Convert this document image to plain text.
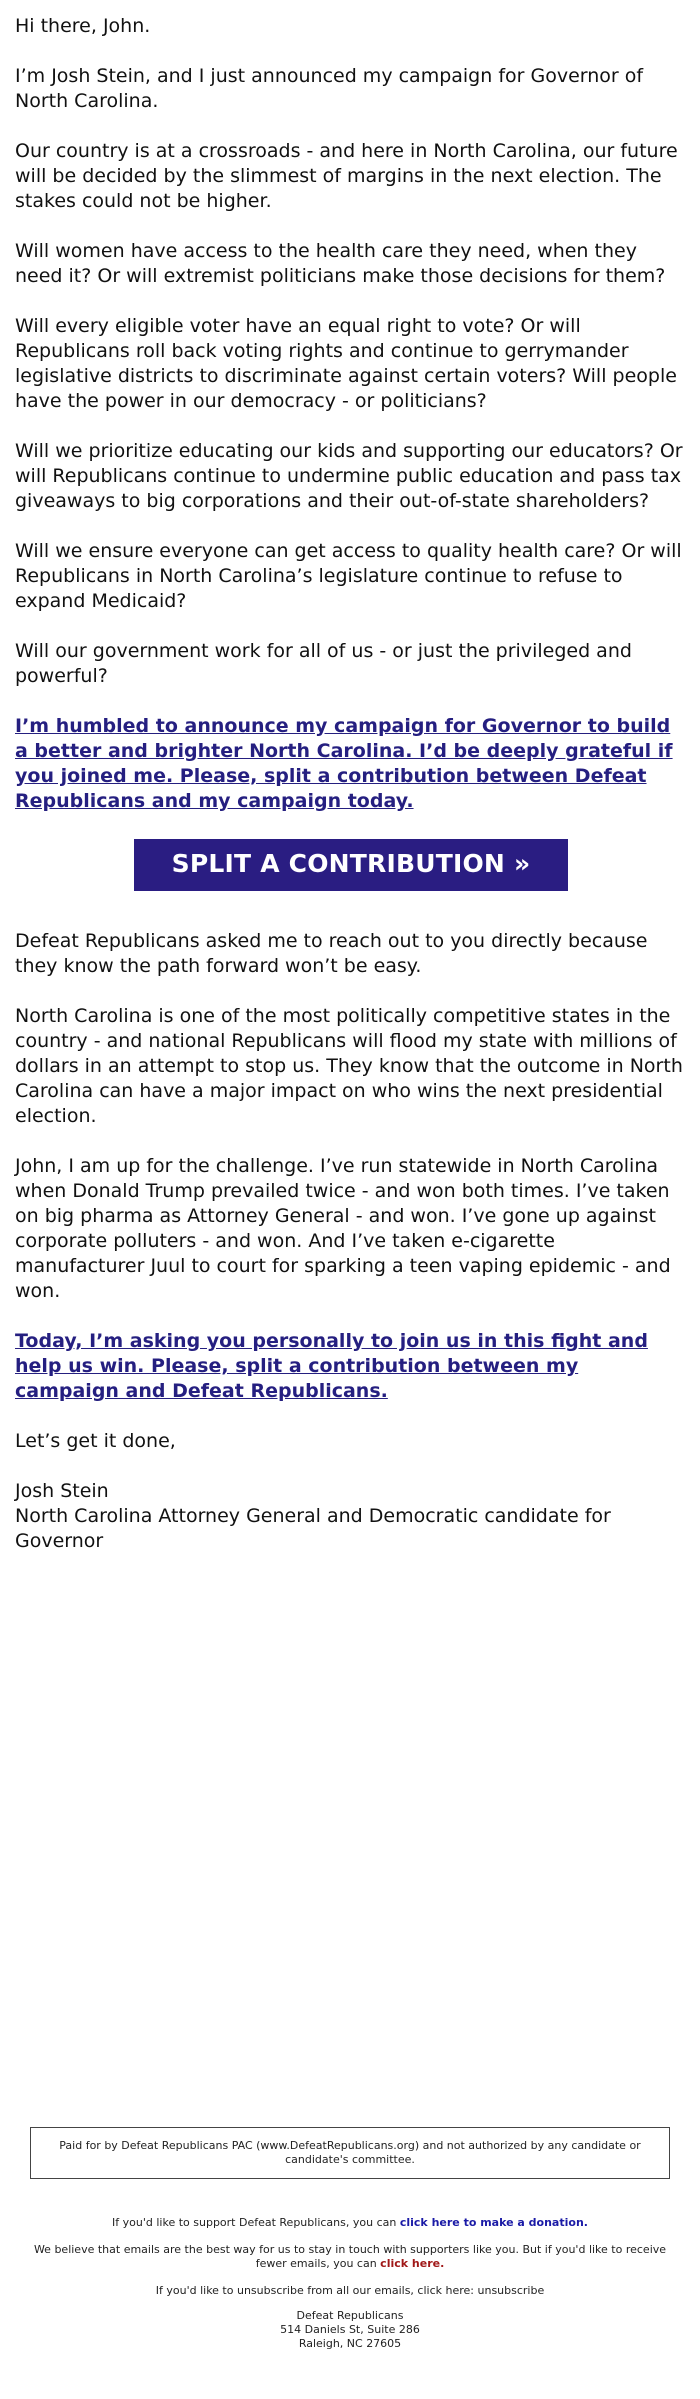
Hi there, John.

I’m Josh Stein, and I just announced my campaign for Governor of North Carolina.

Our country is at a crossroads - and here in North Carolina, our future will be decided by the slimmest of margins in the next election. The stakes could not be higher.

Will women have access to the health care they need, when they need it? Or will extremist politicians make those decisions for them?

Will every eligible voter have an equal right to vote? Or will Republicans roll back voting rights and continue to gerrymander legislative districts to discriminate against certain voters? Will people have the power in our democracy - or politicians?

Will we prioritize educating our kids and supporting our educators? Or will Republicans continue to undermine public education and pass tax giveaways to big corporations and their out-of-state shareholders?

Will we ensure everyone can get access to quality health care? Or will Republicans in North Carolina’s legislature continue to refuse to expand Medicaid?

Will our government work for all of us - or just the privileged and powerful?

I’m humbled to announce my campaign for Governor to build a better and brighter North Carolina. I’d be deeply grateful if you joined me. Please, split a contribution between Defeat Republicans and my campaign today.
SPLIT A CONTRIBUTION »

Defeat Republicans asked me to reach out to you directly because they know the path forward won’t be easy.

North Carolina is one of the most politically competitive states in the country - and national Republicans will flood my state with millions of dollars in an attempt to stop us. They know that the outcome in North Carolina can have a major impact on who wins the next presidential election.

John, I am up for the challenge. I’ve run statewide in North Carolina when Donald Trump prevailed twice - and won both times. I’ve taken on big pharma as Attorney General - and won. I’ve gone up against corporate polluters - and won. And I’ve taken e-cigarette manufacturer Juul to court for sparking a teen vaping epidemic - and won.

Today, I’m asking you personally to join us in this fight and help us win. Please, split a contribution between my campaign and Defeat Republicans.

Let’s get it done,

Josh Stein

North Carolina Attorney General and Democratic candidate for Governor

Paid for by Defeat Republicans PAC (www.DefeatRepublicans.org) and not authorized by any candidate or candidate's committee.

If you'd like to support Defeat Republicans, you can click here to make a donation.

We believe that emails are the best way for us to stay in touch with supporters like you. But if you'd like to receive fewer emails, you can click here.

If you'd like to unsubscribe from all our emails, click here: unsubscribe

Defeat Republicans

514 Daniels St, Suite 286

Raleigh, NC 27605
